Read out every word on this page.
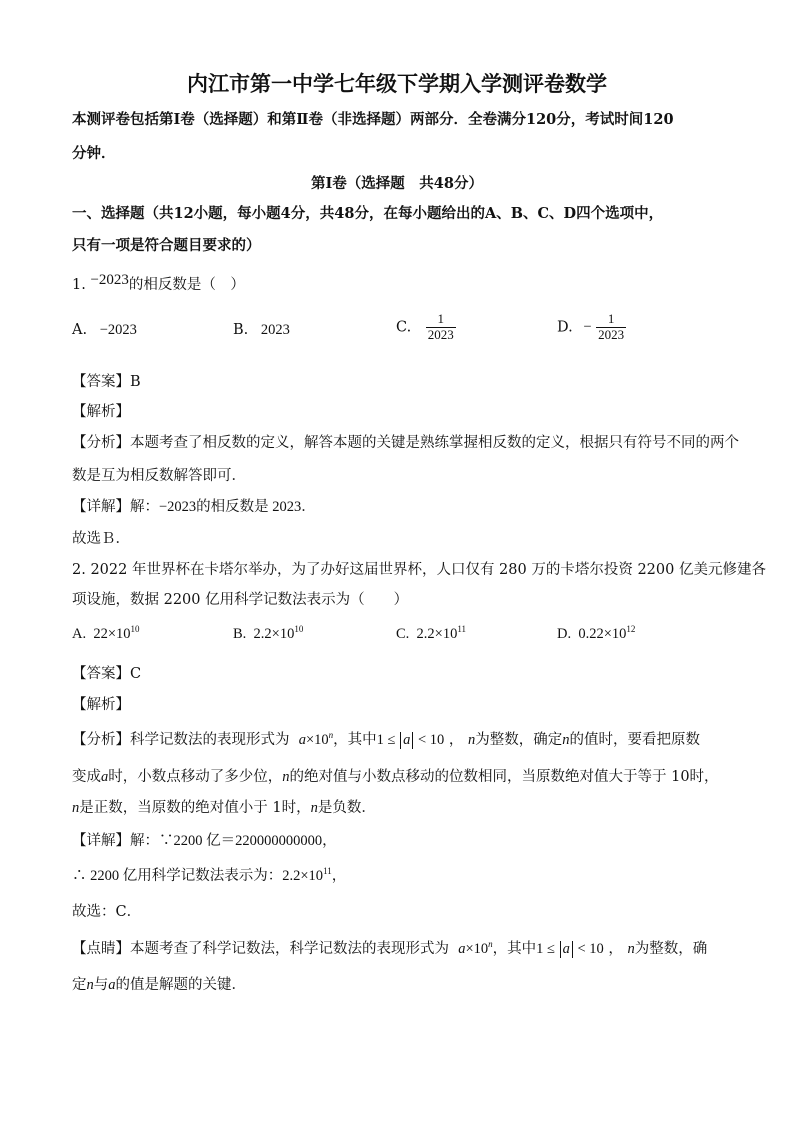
内江市第一中学七年级下学期入学测评卷数学
本测评卷包括第Ⅰ卷（选择题）和第Ⅱ卷（非选择题）两部分．全卷满分120分，考试时间120
分钟．
第Ⅰ卷（选择题　共48分）
一、选择题（共12小题，每小题4分，共48分，在每小题给出的A、B、C、D四个选项中，
只有一项是符合题目要求的）
1. −2023的相反数是（　）
A. −2023	B. 2023	C. $\frac{1}{2023}$	D. − $\frac{1}{2023}$
【答案】B
【解析】
【分析】本题考查了相反数的定义，解答本题的关键是熟练掌握相反数的定义，根据只有符号不同的两个
数是互为相反数解答即可．
【详解】解：−2023的相反数是 2023．
故选Ｂ．
2. 2022 年世界杯在卡塔尔举办，为了办好这届世界杯，人口仅有 280 万的卡塔尔投资 2200 亿美元修建各
项设施，数据 2200 亿用科学记数法表示为（　　）
A. $22\times 10^{10}$	B. $2.2\times 10^{10}$	C. $2.2\times 10^{11}$	D. $0.22\times 10^{12}$
【答案】C
【解析】
【分析】科学记数法的表现形式为 $a\times 10^n$，其中1 ≤ a < 10 ， n为整数，确定n的值时，要看把原数
变成a时，小数点移动了多少位，n的绝对值与小数点移动的位数相同，当原数绝对值大于等于 10时，
n是正数，当原数的绝对值小于 1时，n是负数．
【详解】解：∵2200 亿＝220000000000，
∴ 2200 亿用科学记数法表示为：$2.2\times 10^{11}$，
故选：C．
【点睛】本题考查了科学记数法，科学记数法的表现形式为 $a\times 10^n$，其中1 ≤ a < 10 ， n为整数，确
定n与a的值是解题的关键．
